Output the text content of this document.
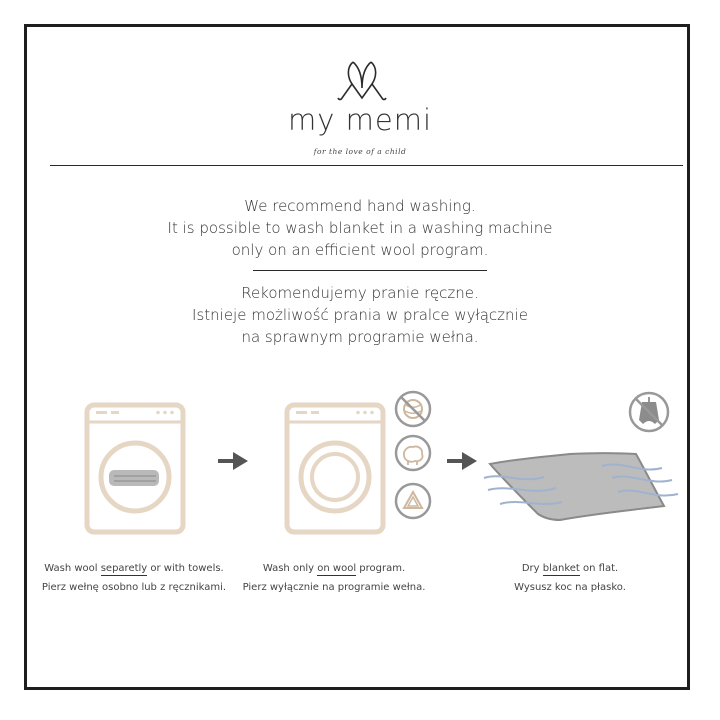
my memi
for the love of a child
We recommend hand washing.
It is possible to wash blanket in a washing machine
only on an efficient wool program.
Rekomendujemy pranie ręczne.
Istnieje możliwość prania w pralce wyłącznie
na sprawnym programie wełna.
Wash wool separetly or with towels.
Pierz wełnę osobno lub z ręcznikami.
Wash only on wool program.
Pierz wyłącznie na programie wełna.
Dry blanket on flat.
Wysusz koc na płasko.
